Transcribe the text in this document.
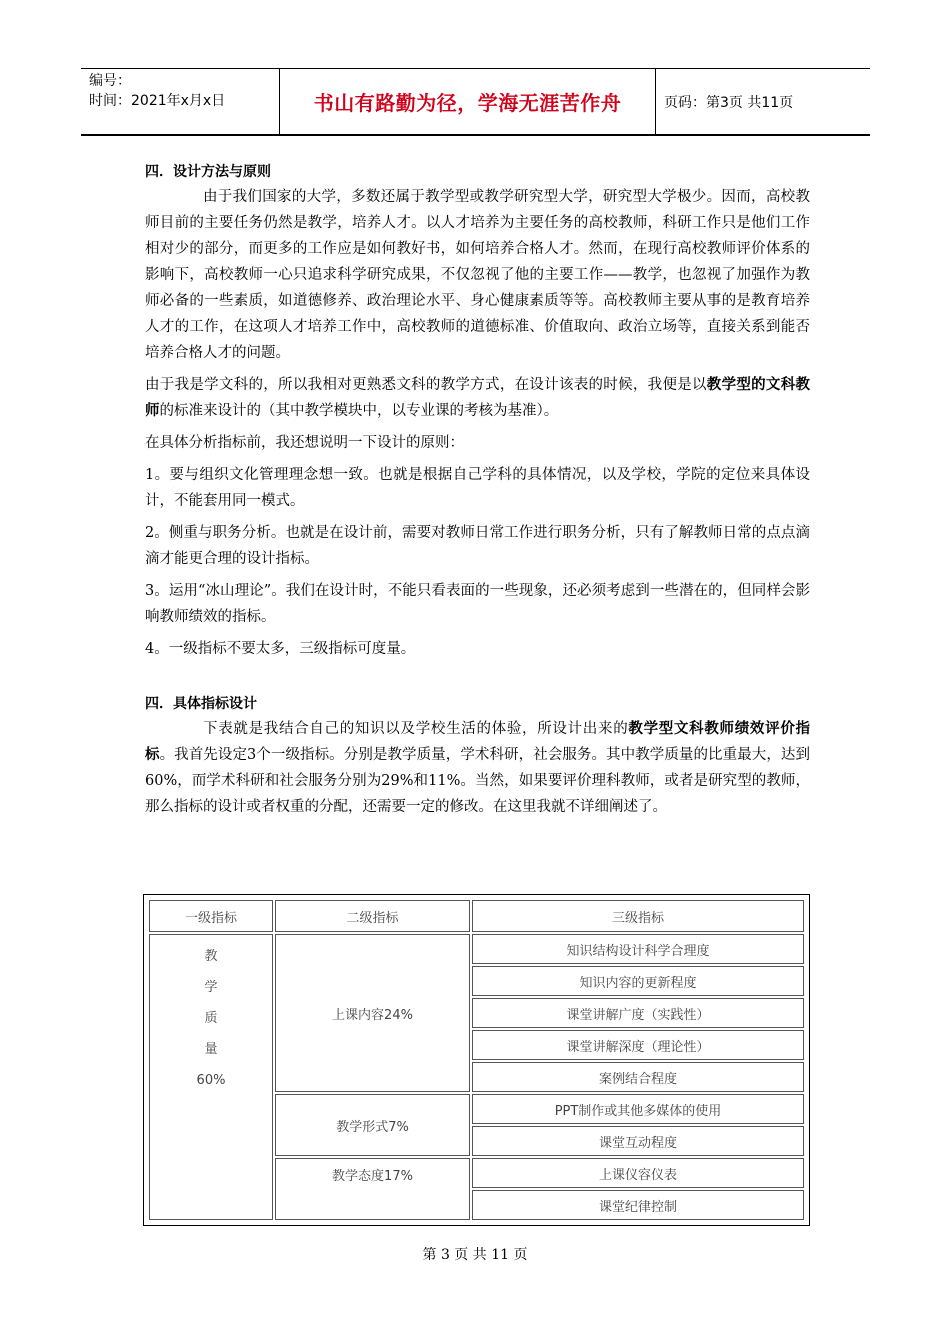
编号：
时间：2021年x月x日	书山有路勤为径，学海无涯苦作舟	页码：第3页 共11页
四．设计方法与原则

由于我们国家的大学，多数还属于教学型或教学研究型大学，研究型大学极少。因而，高校教师目前的主要任务仍然是教学，培养人才。以人才培养为主要任务的高校教师，科研工作只是他们工作相对少的部分，而更多的工作应是如何教好书，如何培养合格人才。然而，在现行高校教师评价体系的影响下，高校教师一心只追求科学研究成果，不仅忽视了他的主要工作——教学，也忽视了加强作为教师必备的一些素质，如道德修养、政治理论水平、身心健康素质等等。高校教师主要从事的是教育培养人才的工作，在这项人才培养工作中，高校教师的道德标准、价值取向、政治立场等，直接关系到能否培养合格人才的问题。

由于我是学文科的，所以我相对更熟悉文科的教学方式，在设计该表的时候，我便是以教学型的文科教师的标准来设计的（其中教学模块中，以专业课的考核为基准）。

在具体分析指标前，我还想说明一下设计的原则：

1。要与组织文化管理理念想一致。也就是根据自己学科的具体情况，以及学校，学院的定位来具体设计，不能套用同一模式。

2。侧重与职务分析。也就是在设计前，需要对教师日常工作进行职务分析，只有了解教师日常的点点滴滴才能更合理的设计指标。

3。运用“冰山理论”。我们在设计时，不能只看表面的一些现象，还必须考虑到一些潜在的，但同样会影响教师绩效的指标。

4。一级指标不要太多，三级指标可度量。

四．具体指标设计

下表就是我结合自己的知识以及学校生活的体验，所设计出来的教学型文科教师绩效评价指标。我首先设定3个一级指标。分别是教学质量，学术科研，社会服务。其中教学质量的比重最大，达到60%，而学术科研和社会服务分别为29%和11%。当然，如果要评价理科教师，或者是研究型的教师，那么指标的设计或者权重的分配，还需要一定的修改。在这里我就不详细阐述了。

一级指标	二级指标	三级指标

教
学
质
量
60%	上课内容24%	知识结构设计科学合理度
		知识内容的更新程度
		课堂讲解广度（实践性）
		课堂讲解深度（理论性）
		案例结合程度
	教学形式7%	PPT制作或其他多媒体的使用
		课堂互动程度
	教学态度17%	上课仪容仪表
		课堂纪律控制
第 3 页 共 11 页
